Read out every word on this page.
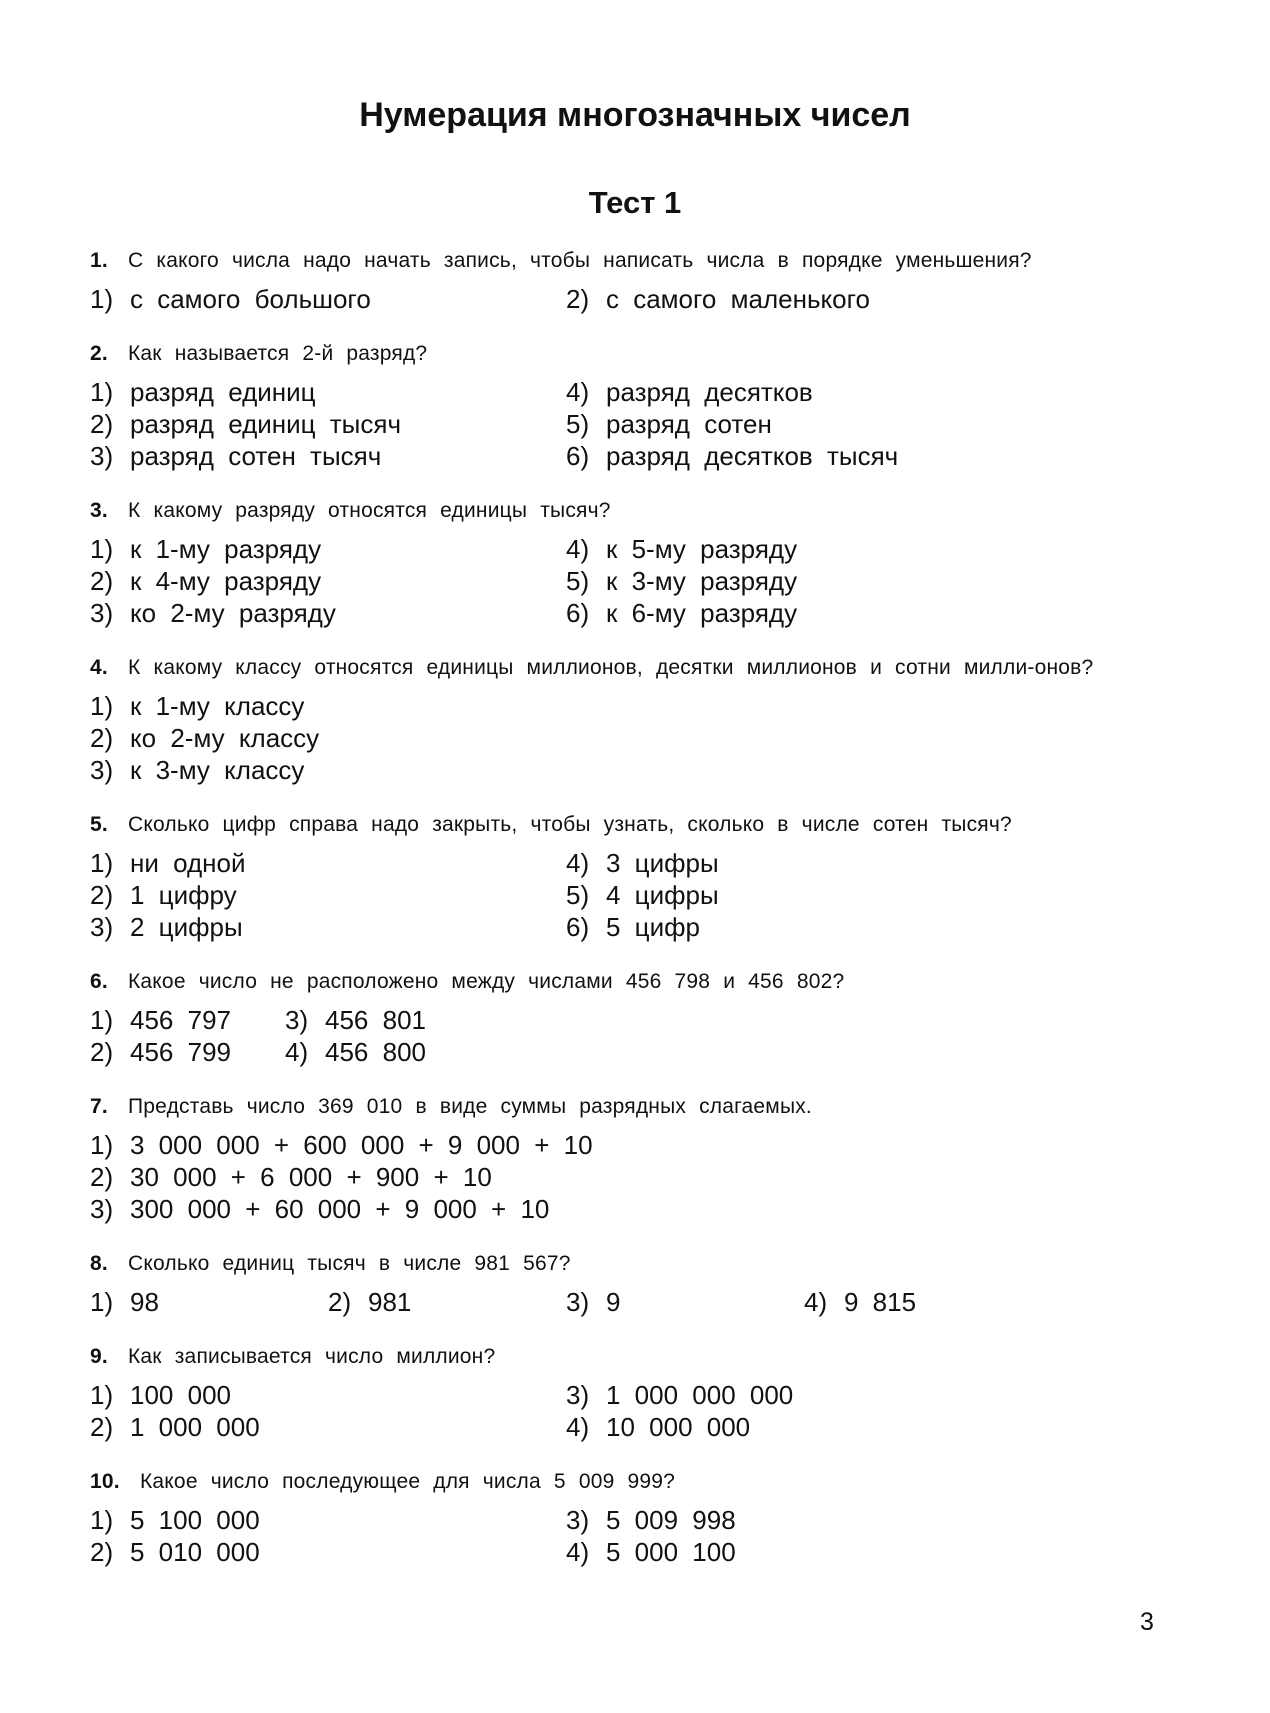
Нумерация многозначных чисел
Тест 1
1. С какого числа надо начать запись, чтобы написать числа в порядке уменьшения?
1) с самого большого	2) с самого маленького
2. Как называется 2-й разряд?
1) разряд единиц	4) разряд десятков
2) разряд единиц тысяч	5) разряд сотен
3) разряд сотен тысяч	6) разряд десятков тысяч
3. К какому разряду относятся единицы тысяч?
1) к 1-му разряду	4) к 5-му разряду
2) к 4-му разряду	5) к 3-му разряду
3) ко 2-му разряду	6) к 6-му разряду
4. К какому классу относятся единицы миллионов, десятки миллионов и сотни милли-онов?
1) к 1-му классу
2) ко 2-му классу
3) к 3-му классу
5. Сколько цифр справа надо закрыть, чтобы узнать, сколько в числе сотен тысяч?
1) ни одной	4) 3 цифры
2) 1 цифру	5) 4 цифры
3) 2 цифры	6) 5 цифр
6. Какое число не расположено между числами 456 798 и 456 802?
1) 456 797	3) 456 801
2) 456 799	4) 456 800
7. Представь число 369 010 в виде суммы разрядных слагаемых.
1) 3 000 000 + 600 000 + 9 000 + 10
2) 30 000 + 6 000 + 900 + 10
3) 300 000 + 60 000 + 9 000 + 10
8. Сколько единиц тысяч в числе 981 567?
1) 98	2) 981	3) 9	4) 9 815
9. Как записывается число миллион?
1) 100 000	3) 1 000 000 000
2) 1 000 000	4) 10 000 000
10. Какое число последующее для числа 5 009 999?
1) 5 100 000	3) 5 009 998
2) 5 010 000	4) 5 000 100
3
